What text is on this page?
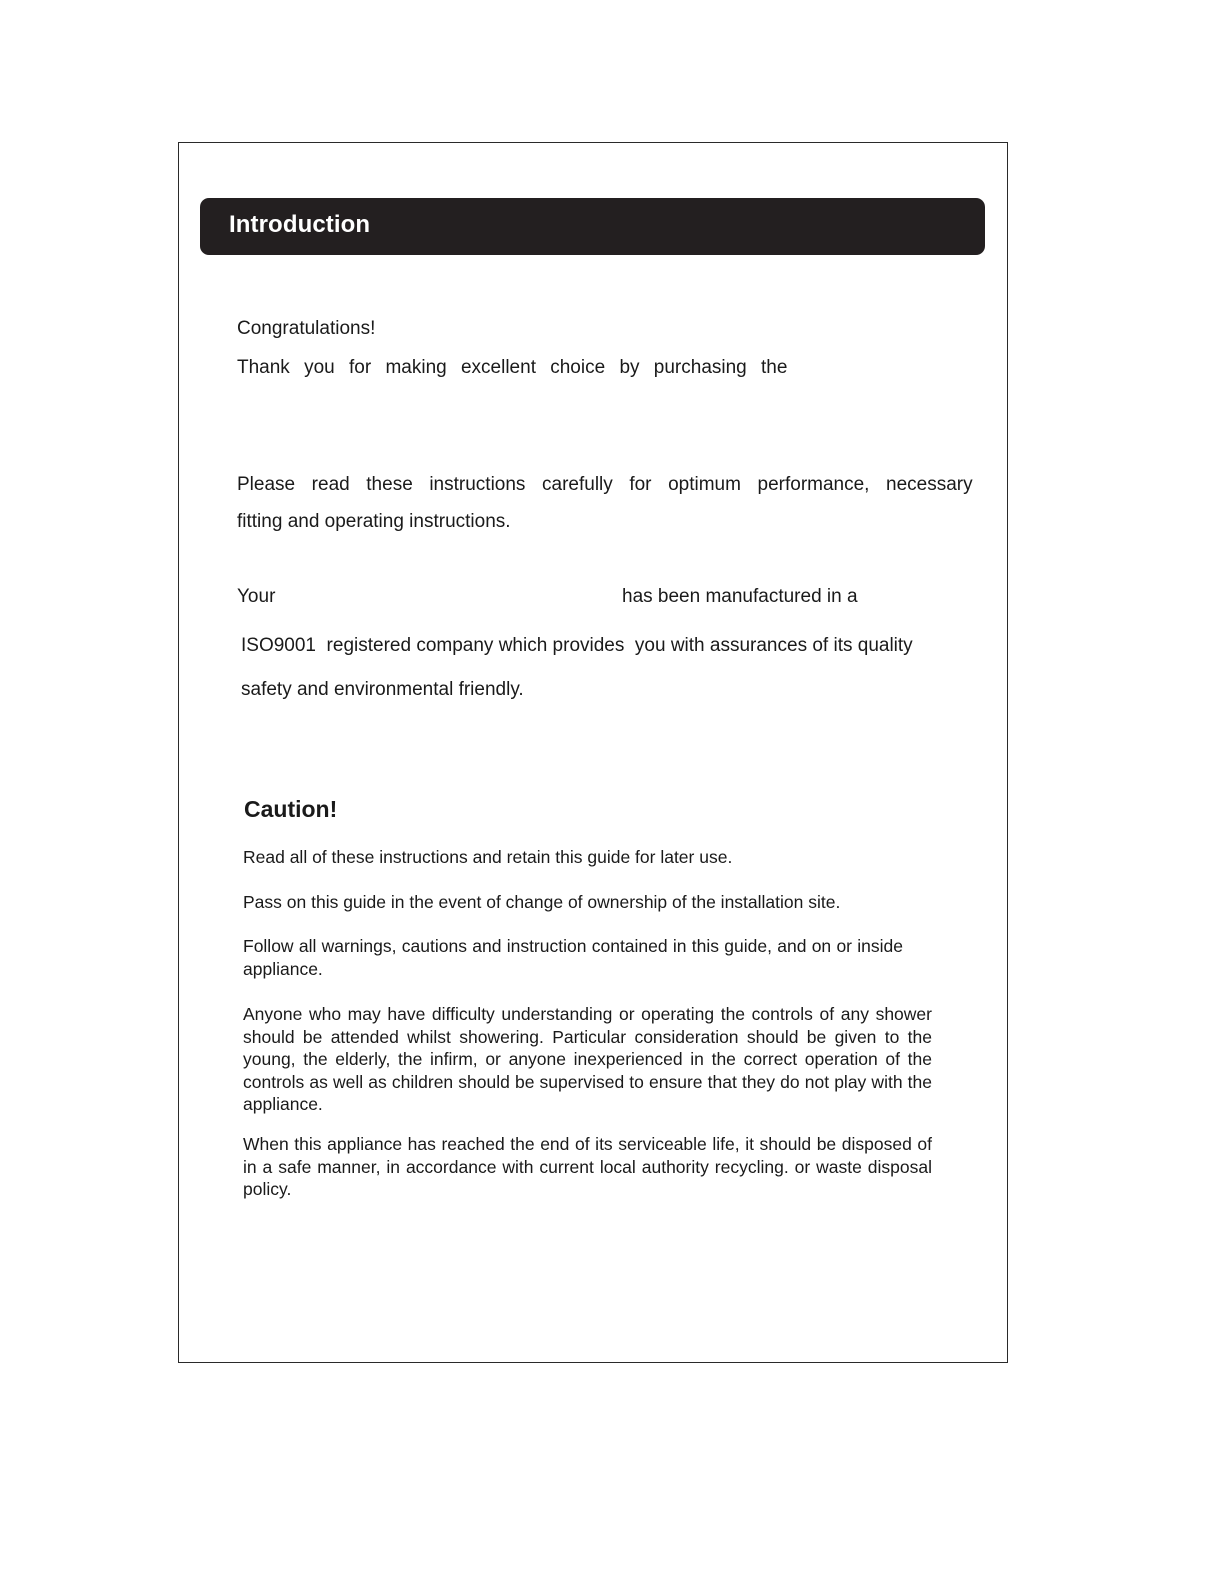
Introduction

Congratulations!

Thank you for making excellent choice by purchasing the

Please read these instructions carefully for optimum performance, necessary

fitting and operating instructions.

Your	has been manufactured in a

ISO9001  registered company which provides  you with assurances of its quality

safety and environmental friendly.

Caution!

Read all of these instructions and retain this guide for later use.

Pass on this guide in the event of change of ownership of the installation site.

Follow all warnings, cautions and instruction contained in this guide, and on or inside appliance.

Anyone who may have difficulty understanding or operating the controls of any shower should be attended whilst showering. Particular consideration should be given to the young, the elderly, the infirm, or anyone inexperienced in the correct operation of the controls as well as children should be supervised to ensure that they do not play with the appliance.

When this appliance has reached the end of its serviceable life, it should be disposed of in a safe manner, in accordance with current local authority recycling. or waste disposal policy.
